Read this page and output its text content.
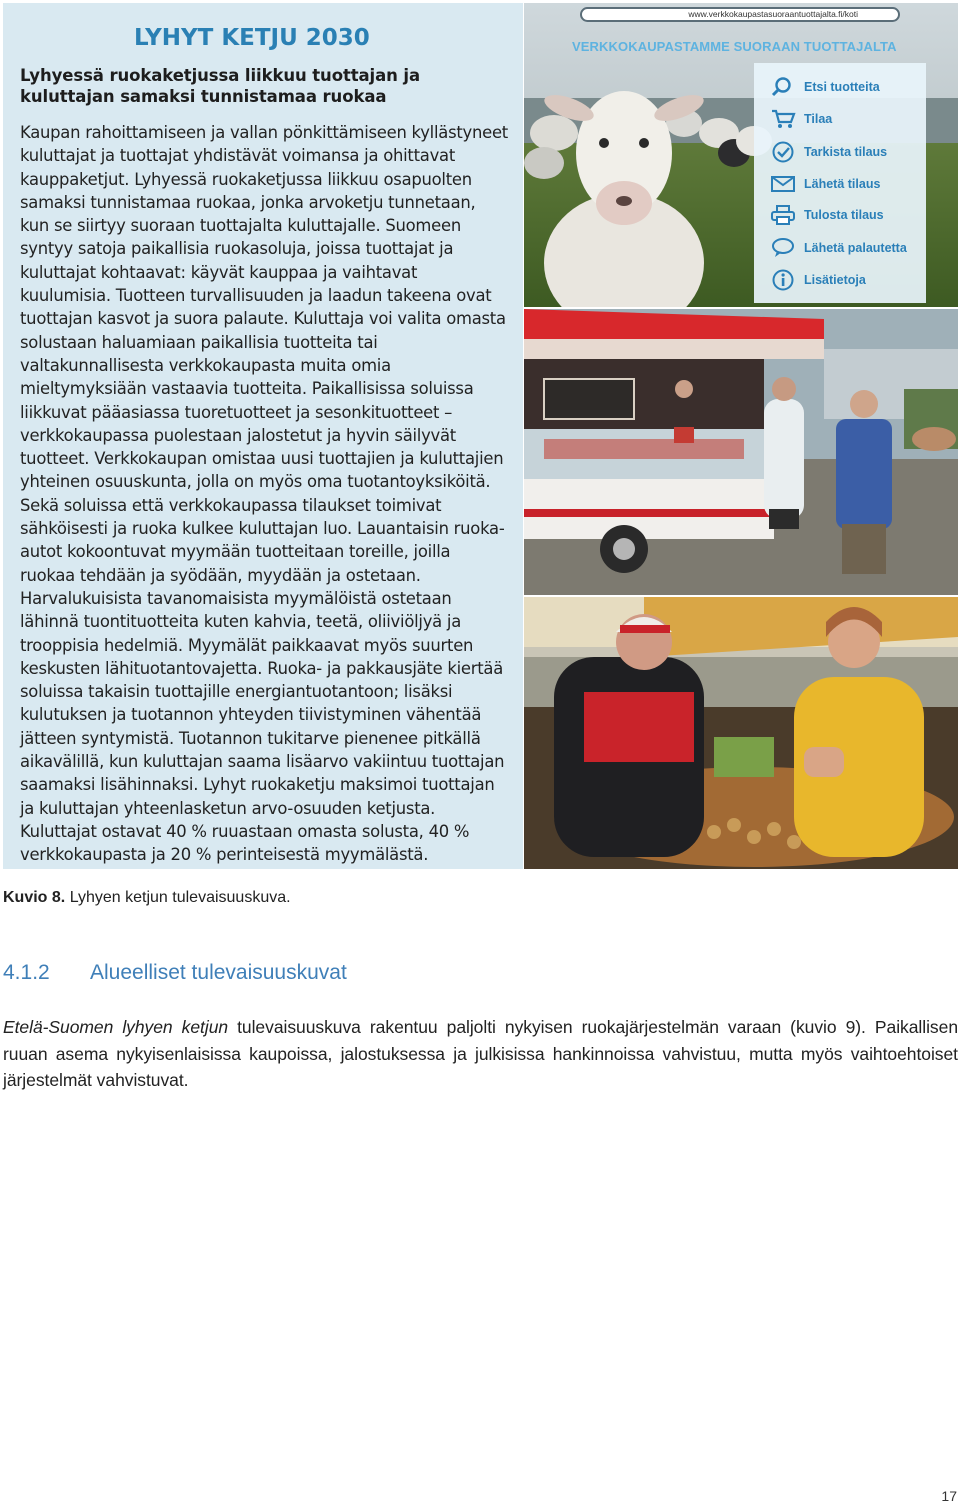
LYHYT KETJU 2030
Lyhyessä ruokaketjussa liikkuu tuottajan ja kuluttajan samaksi tunnistamaa ruokaa
Kaupan rahoittamiseen ja vallan pönkittämiseen kyllästyneet kuluttajat ja tuottajat yhdistävät voimansa ja ohittavat kauppaketjut. Lyhyessä ruokaketjussa liikkuu osapuolten samaksi tunnistamaa ruokaa, jonka arvoketju tunnetaan, kun se siirtyy suoraan tuottajalta kuluttajalle. Suomeen syntyy satoja paikallisia ruokasoluja, joissa tuottajat ja kuluttajat kohtaavat: käyvät kauppaa ja vaihtavat kuulumisia. Tuotteen turvallisuuden ja laadun takeena ovat tuottajan kasvot ja suora palaute. Kuluttaja voi valita omasta solustaan haluamiaan paikallisia tuotteita tai valtakunnallisesta verkkokaupasta muita omia mieltymyksiään vastaavia tuotteita. Paikallisissa soluissa liikkuvat pääasiassa tuoretuotteet ja sesonkituotteet – verkkokaupassa puolestaan jalostetut ja hyvin säilyvät tuotteet. Verkkokaupan omistaa uusi tuottajien ja kuluttajien yhteinen osuuskunta, jolla on myös oma tuotantoyksiköitä. Sekä soluissa että verkkokaupassa tilaukset toimivat sähköisesti ja ruoka kulkee kuluttajan luo. Lauantaisin ruoka-autot kokoontuvat myymään tuotteitaan toreille, joilla ruokaa tehdään ja syödään, myydään ja ostetaan. Harvalukuisista tavanomaisista myymälöistä ostetaan lähinnä tuontituotteita kuten kahvia, teetä, oliiviöljyä ja trooppisia hedelmiä. Myymälät paikkaavat myös suurten keskusten lähituotantovajetta. Ruoka- ja pakkausjäte kiertää soluissa takaisin tuottajille energiantuotantoon; lisäksi kulutuksen ja tuotannon yhteyden tiivistyminen vähentää jätteen syntymistä. Tuotannon tukitarve pienenee pitkällä aikavälillä, kun kuluttajan saama lisäarvo vakiintuu tuottajan saamaksi lisähinnaksi. Lyhyt ruokaketju maksimoi tuottajan ja kuluttajan yhteenlasketun arvo-osuuden ketjusta. Kuluttajat ostavat 40 % ruuastaan omasta solusta, 40 % verkkokaupasta ja 20 % perinteisestä myymälästä.
www.verkkokaupastasuoraantuottajalta.fi/koti
VERKKOKAUPASTAMME SUORAAN TUOTTAJALTA
Etsi tuotteita
Tilaa
Tarkista tilaus
Lähetä tilaus
Tulosta tilaus
Lähetä palautetta
Lisätietoja
Kuvio 8. Lyhyen ketjun tulevaisuuskuva.
4.1.2 Alueelliset tulevaisuuskuvat
Etelä-Suomen lyhyen ketjun tulevaisuuskuva rakentuu paljolti nykyisen ruokajärjestelmän varaan (kuvio 9). Paikallisen ruuan asema nykyisenlaisissa kaupoissa, jalostuksessa ja julkisissa hankinnoissa vahvistuu, mutta myös vaihtoehtoiset järjestelmät vahvistuvat.
17
